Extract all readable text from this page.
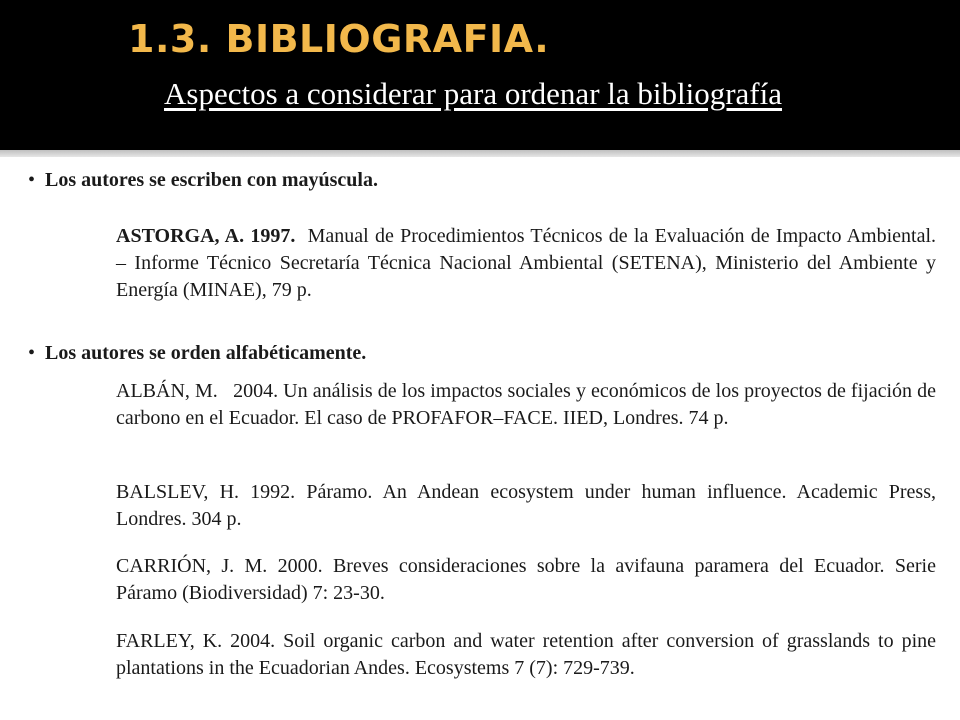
1.3. BIBLIOGRAFIA.
Aspectos a considerar para ordenar la bibliografía
• Los autores se escriben con mayúscula.

ASTORGA, A. 1997. Manual de Procedimientos Técnicos de la Evaluación de Impacto Ambiental. – Informe Técnico Secretaría Técnica Nacional Ambiental (SETENA), Ministerio del Ambiente y Energía (MINAE), 79 p.

• Los autores se orden alfabéticamente.

ALBÁN, M.   2004. Un análisis de los impactos sociales y económicos de los proyectos de fijación de carbono en el Ecuador. El caso de PROFAFOR–FACE. IIED, Londres. 74 p.

BALSLEV, H. 1992. Páramo. An Andean ecosystem under human influence. Academic Press, Londres. 304 p.

CARRIÓN, J. M. 2000. Breves consideraciones sobre la avifauna paramera del Ecuador. Serie Páramo (Biodiversidad) 7: 23-30.

FARLEY, K. 2004. Soil organic carbon and water retention after conversion of grasslands to pine plantations in the Ecuadorian Andes. Ecosystems 7 (7): 729-739.
